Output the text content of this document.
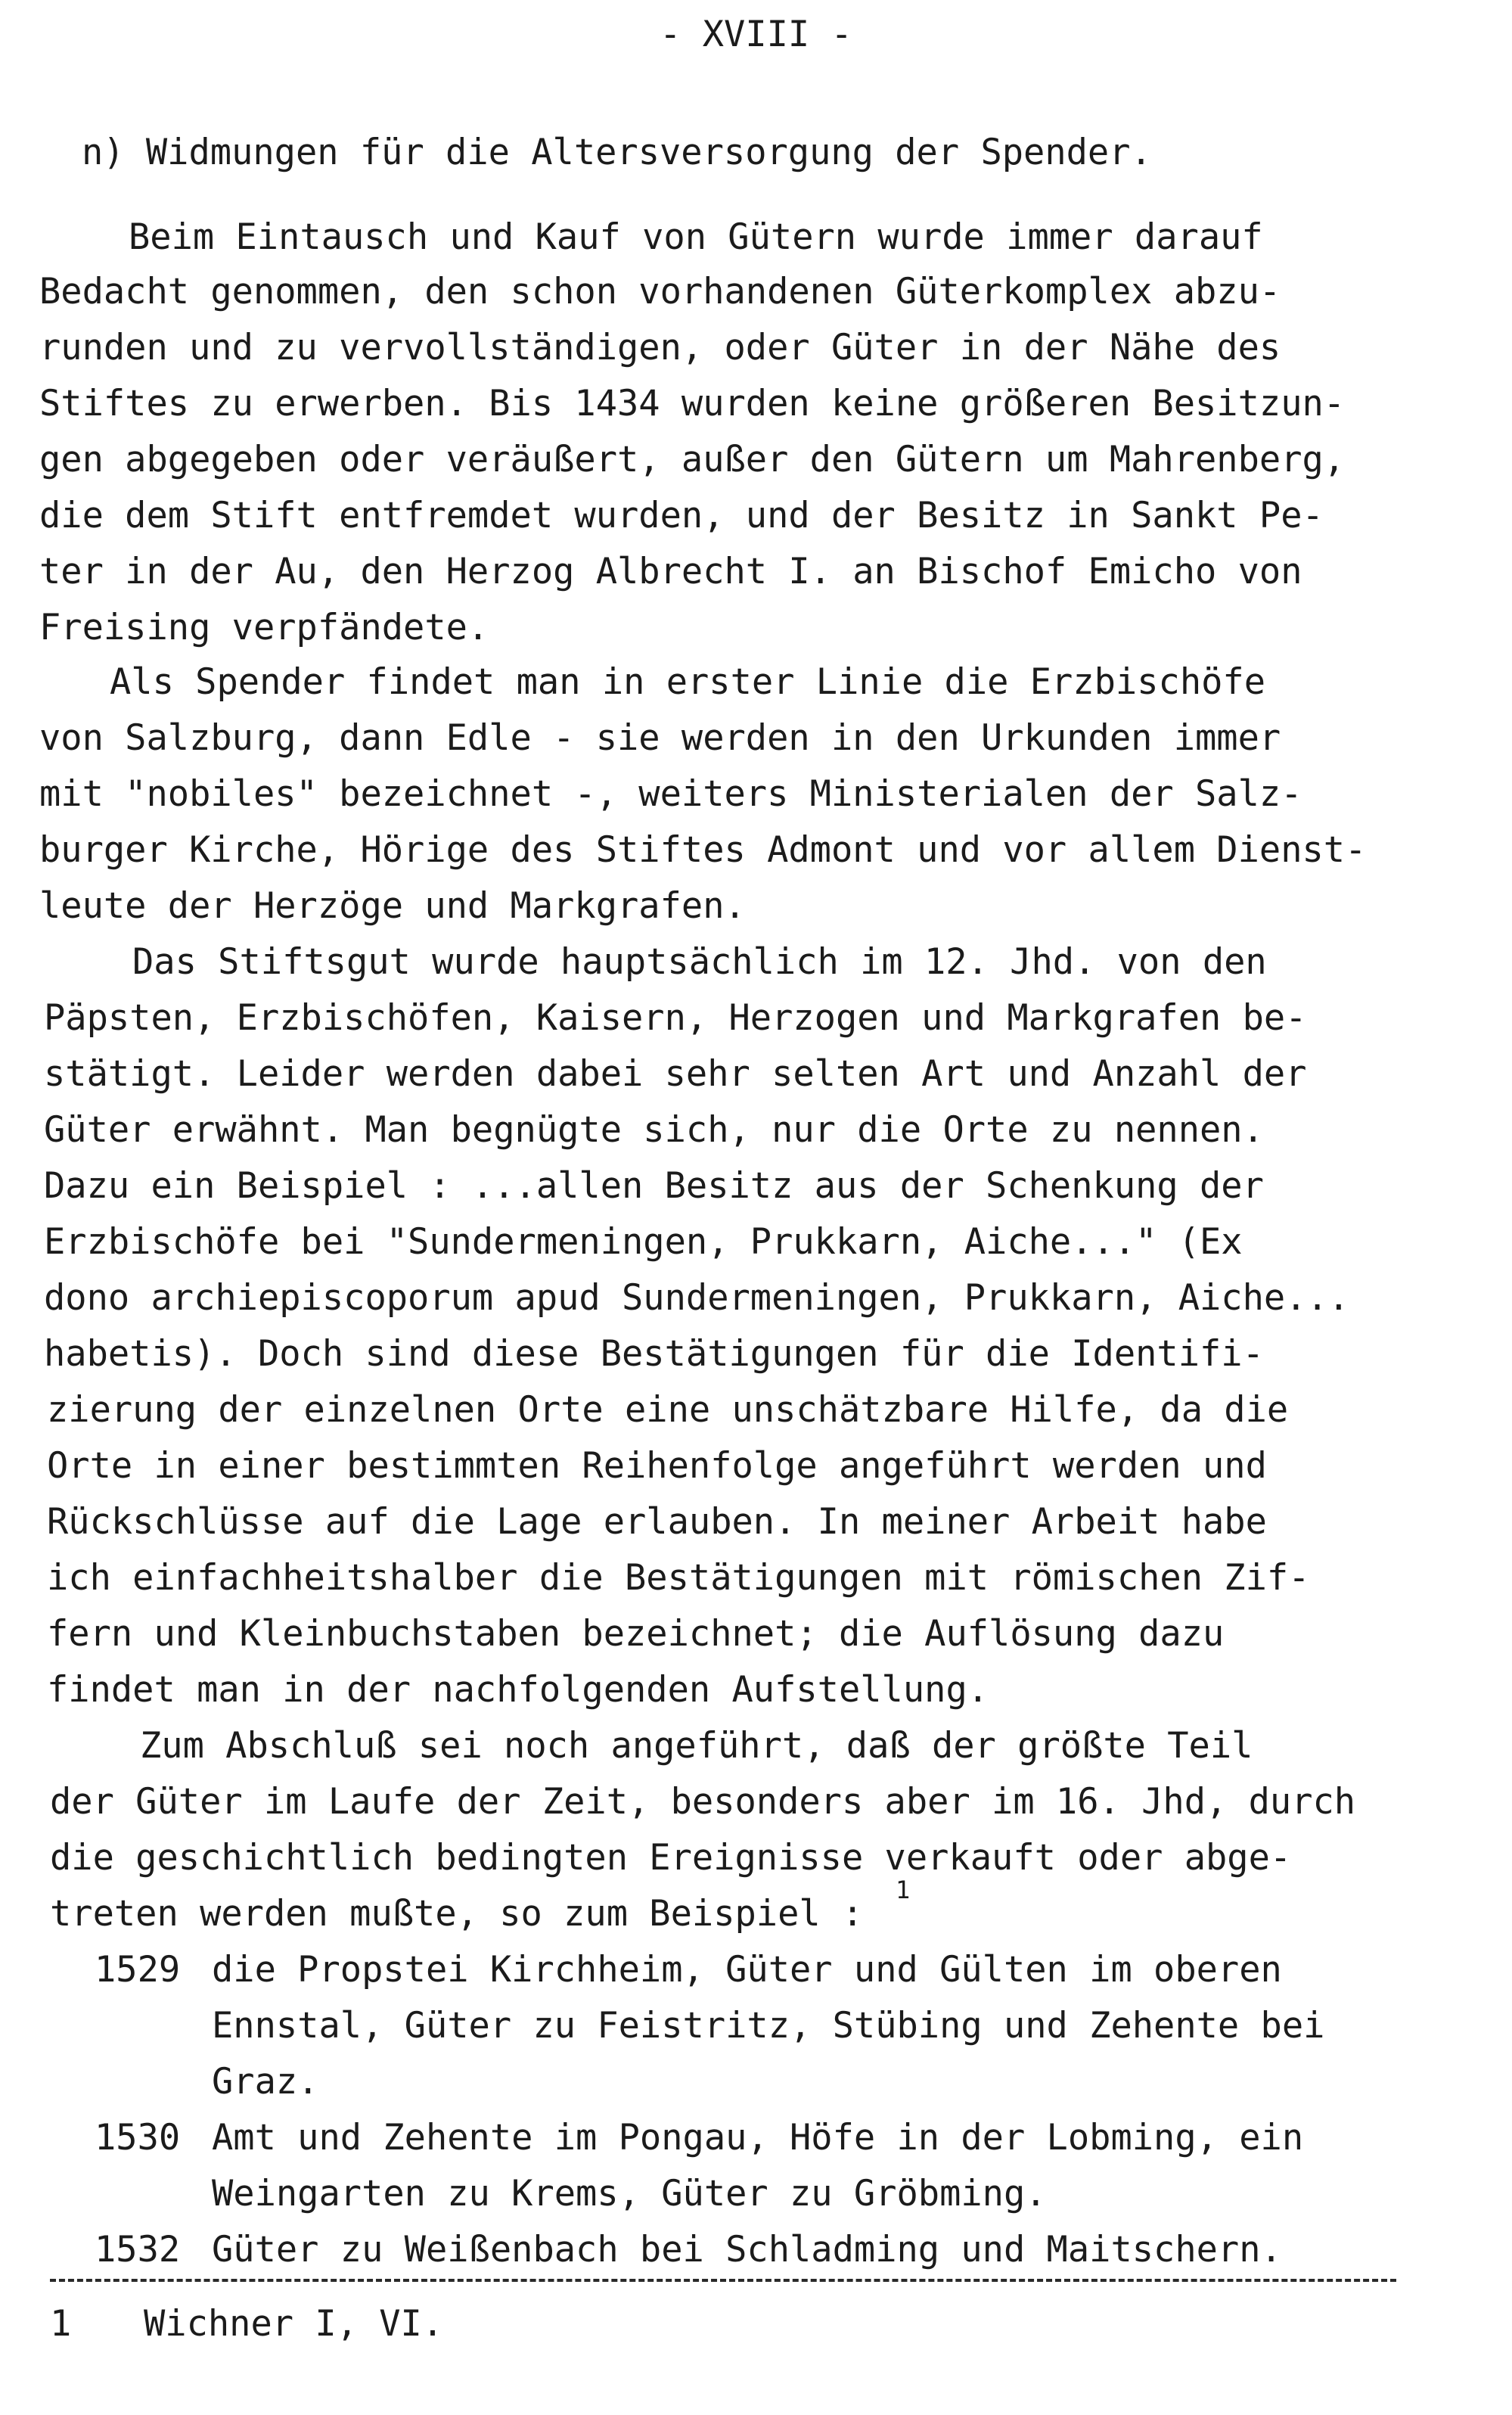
- XVIII -
n) Widmungen für die Altersversorgung der Spender.
Beim Eintausch und Kauf von Gütern wurde immer darauf
Bedacht genommen, den schon vorhandenen Güterkomplex abzu-
runden und zu vervollständigen, oder Güter in der Nähe des
Stiftes zu erwerben. Bis 1434 wurden keine größeren Besitzun-
gen abgegeben oder veräußert, außer den Gütern um Mahrenberg,
die dem Stift entfremdet wurden, und der Besitz in Sankt Pe-
ter in der Au, den Herzog Albrecht I. an Bischof Emicho von
Freising verpfändete.
Als Spender findet man in erster Linie die Erzbischöfe
von Salzburg, dann Edle - sie werden in den Urkunden immer
mit "nobiles" bezeichnet -, weiters Ministerialen der Salz-
burger Kirche, Hörige des Stiftes Admont und vor allem Dienst-
leute der Herzöge und Markgrafen.
Das Stiftsgut wurde hauptsächlich im 12. Jhd. von den
Päpsten, Erzbischöfen, Kaisern, Herzogen und Markgrafen be-
stätigt. Leider werden dabei sehr selten Art und Anzahl der
Güter erwähnt. Man begnügte sich, nur die Orte zu nennen.
Dazu ein Beispiel : ...allen Besitz aus der Schenkung der
Erzbischöfe bei "Sundermeningen, Prukkarn, Aiche..." (Ex
dono archiepiscoporum apud Sundermeningen, Prukkarn, Aiche...
habetis). Doch sind diese Bestätigungen für die Identifi-
zierung der einzelnen Orte eine unschätzbare Hilfe, da die
Orte in einer bestimmten Reihenfolge angeführt werden und
Rückschlüsse auf die Lage erlauben. In meiner Arbeit habe
ich einfachheitshalber die Bestätigungen mit römischen Zif-
fern und Kleinbuchstaben bezeichnet; die Auflösung dazu
findet man in der nachfolgenden Aufstellung.
Zum Abschluß sei noch angeführt, daß der größte Teil
der Güter im Laufe der Zeit, besonders aber im 16. Jhd, durch
die geschichtlich bedingten Ereignisse verkauft oder abge-
treten werden mußte, so zum Beispiel :
1
1529 die Propstei Kirchheim, Güter und Gülten im oberen
Ennstal, Güter zu Feistritz, Stübing und Zehente bei
Graz.
1530 Amt und Zehente im Pongau, Höfe in der Lobming, ein
Weingarten zu Krems, Güter zu Gröbming.
1532 Güter zu Weißenbach bei Schladming und Maitschern.
1 Wichner I, VI.
